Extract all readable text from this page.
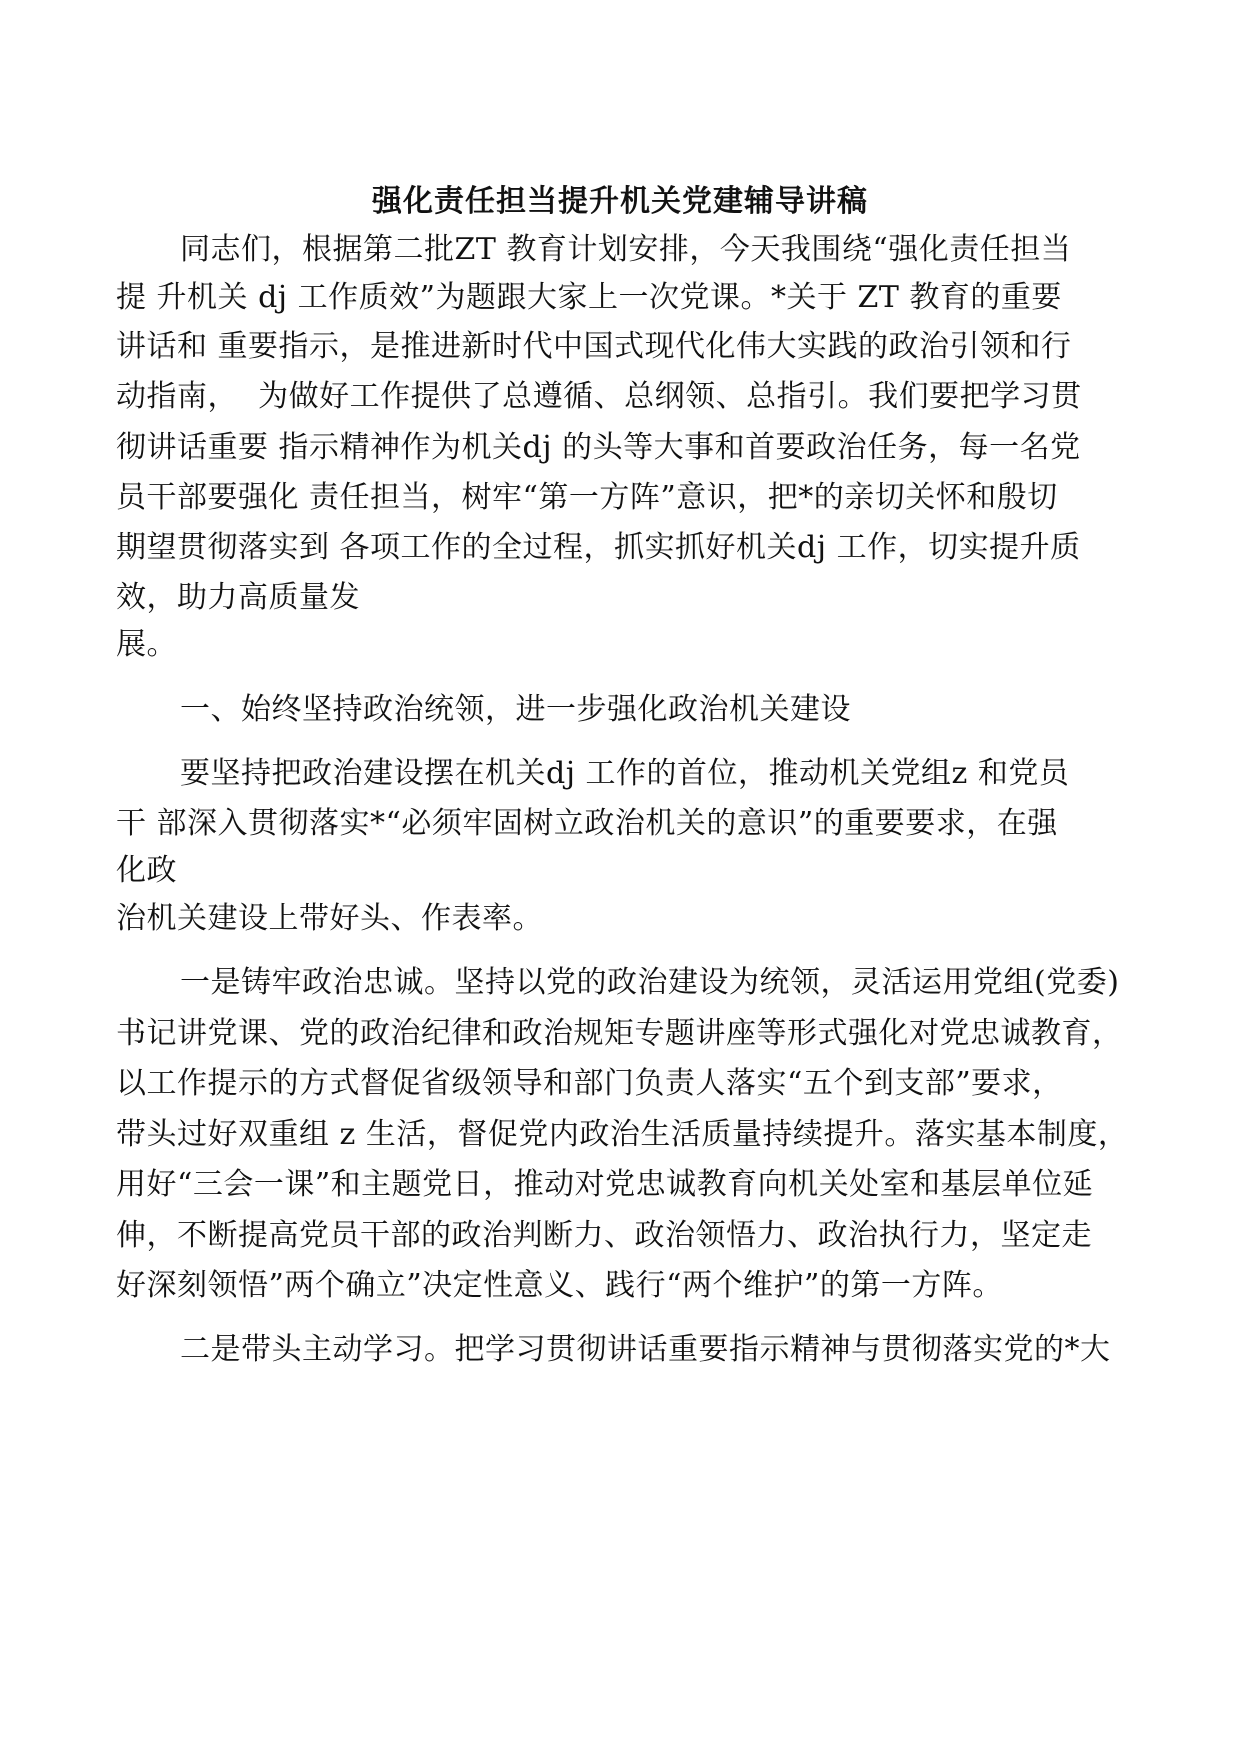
强化责任担当提升机关党建辅导讲稿
同志们，根据第二批ZT 教育计划安排，今天我围绕“强化责任担当
提 升机关 dj 工作质效”为题跟大家上一次党课。*关于 ZT 教育的重要
讲话和 重要指示，是推进新时代中国式现代化伟大实践的政治引领和行
动指南，  为做好工作提供了总遵循、总纲领、总指引。我们要把学习贯
彻讲话重要 指示精神作为机关dj 的头等大事和首要政治任务，每一名党
员干部要强化 责任担当，树牢“第一方阵”意识，把*的亲切关怀和殷切
期望贯彻落实到 各项工作的全过程，抓实抓好机关dj 工作，切实提升质
效，助力高质量发
展。
一、始终坚持政治统领，进一步强化政治机关建设
要坚持把政治建设摆在机关dj 工作的首位，推动机关党组z 和党员
干 部深入贯彻落实*“必须牢固树立政治机关的意识”的重要要求，在强
化政
治机关建设上带好头、作表率。
一是铸牢政治忠诚。坚持以党的政治建设为统领，灵活运用党组(党委)
书记讲党课、党的政治纪律和政治规矩专题讲座等形式强化对党忠诚教育，
以工作提示的方式督促省级领导和部门负责人落实“五个到支部”要求，
带头过好双重组 z 生活，督促党内政治生活质量持续提升。落实基本制度，
用好“三会一课”和主题党日，推动对党忠诚教育向机关处室和基层单位延
伸，不断提高党员干部的政治判断力、政治领悟力、政治执行力，坚定走
好深刻领悟”两个确立”决定性意义、践行“两个维护”的第一方阵。
二是带头主动学习。把学习贯彻讲话重要指示精神与贯彻落实党的*大
